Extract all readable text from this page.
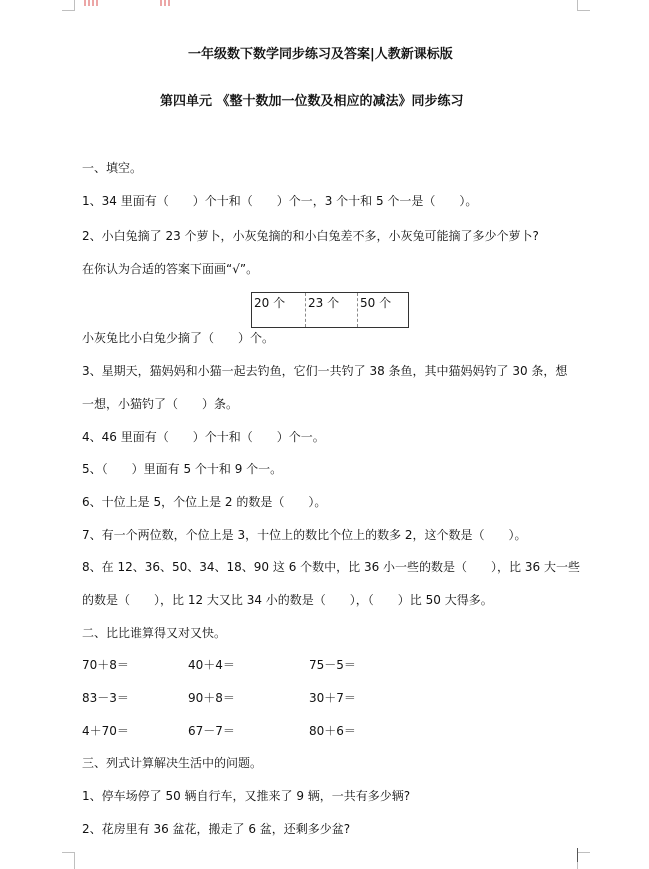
一年级数下数学同步练习及答案|人教新课标版
第四单元 《整十数加一位数及相应的减法》同步练习
一、填空。
1、34 里面有（　　）个十和（　　）个一，3 个十和 5 个一是（　　）。
2、小白兔摘了 23 个萝卜，小灰兔摘的和小白兔差不多，小灰兔可能摘了多少个萝卜?
在你认为合适的答案下面画“√”。
20 个	23 个	50 个
小灰兔比小白兔少摘了（　　）个。
3、星期天，猫妈妈和小猫一起去钓鱼，它们一共钓了 38 条鱼，其中猫妈妈钓了 30 条，想
一想，小猫钓了（　　）条。
4、46 里面有（　　）个十和（　　）个一。
5、（　　）里面有 5 个十和 9 个一。
6、十位上是 5，个位上是 2 的数是（　　）。
7、有一个两位数，个位上是 3，十位上的数比个位上的数多 2，这个数是（　　）。
8、在 12、36、50、34、18、90 这 6 个数中，比 36 小一些的数是（　　），比 36 大一些
的数是（　　），比 12 大又比 34 小的数是（　　），（　　）比 50 大得多。
二、比比谁算得又对又快。
70＋8＝	40＋4＝	75－5＝
83－3＝	90＋8＝	30＋7＝
4＋70＝	67－7＝	80＋6＝
三、列式计算解决生活中的问题。
1、停车场停了 50 辆自行车，又推来了 9 辆，一共有多少辆?
2、花房里有 36 盆花，搬走了 6 盆，还剩多少盆?
